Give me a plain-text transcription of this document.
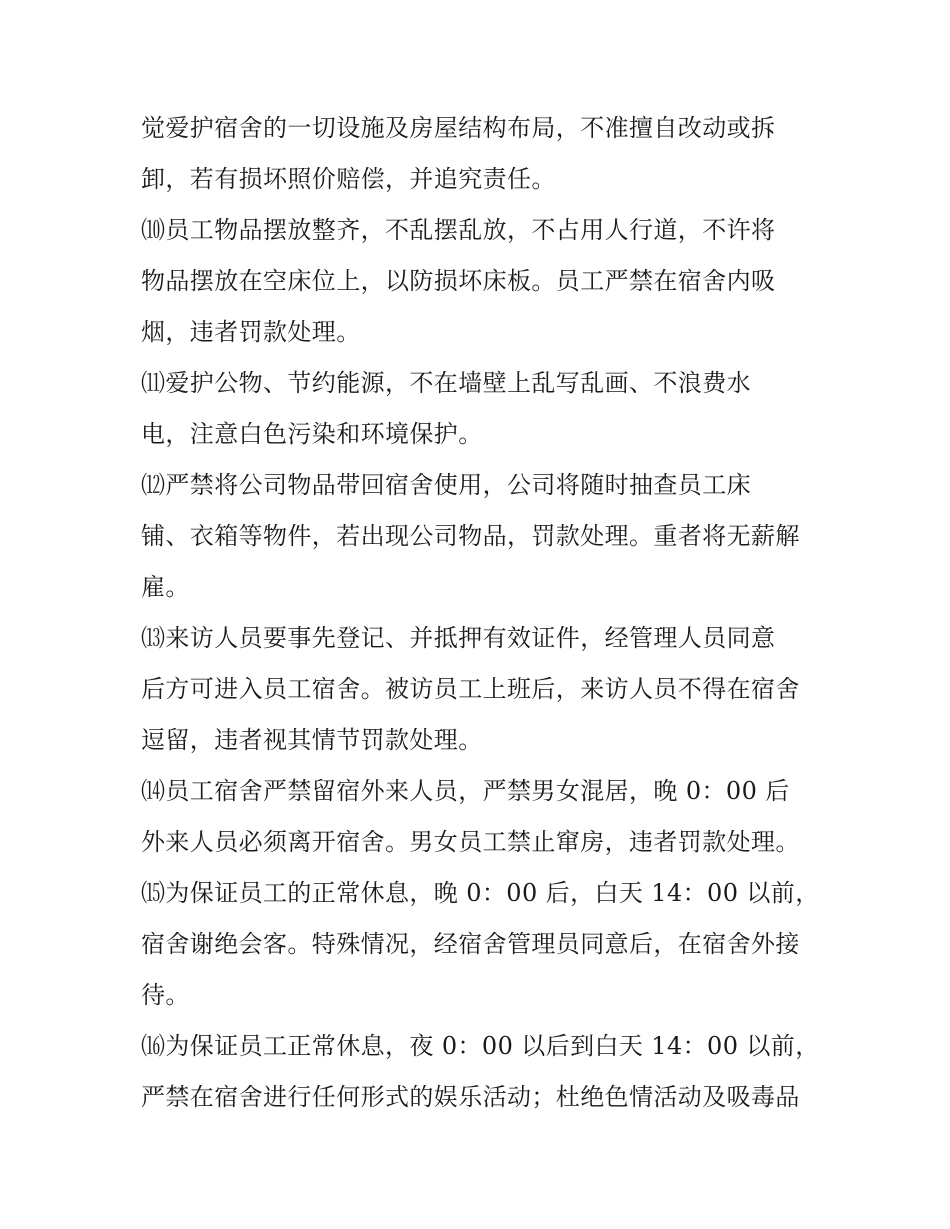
觉爱护宿舍的一切设施及房屋结构布局，不准擅自改动或拆
卸，若有损坏照价赔偿，并追究责任。
⑽员工物品摆放整齐，不乱摆乱放，不占用人行道，不许将
物品摆放在空床位上，以防损坏床板。员工严禁在宿舍内吸
烟，违者罚款处理。
⑾爱护公物、节约能源，不在墙壁上乱写乱画、不浪费水
电，注意白色污染和环境保护。
⑿严禁将公司物品带回宿舍使用，公司将随时抽查员工床
铺、衣箱等物件，若出现公司物品，罚款处理。重者将无薪解
雇。
⒀来访人员要事先登记、并抵押有效证件，经管理人员同意
后方可进入员工宿舍。被访员工上班后，来访人员不得在宿舍
逗留，违者视其情节罚款处理。
⒁员工宿舍严禁留宿外来人员，严禁男女混居，晚 0：00 后
外来人员必须离开宿舍。男女员工禁止窜房，违者罚款处理。
⒂为保证员工的正常休息，晚 0：00 后，白天 14：00 以前，
宿舍谢绝会客。特殊情况，经宿舍管理员同意后，在宿舍外接
待。
⒃为保证员工正常休息，夜 0：00 以后到白天 14：00 以前，
严禁在宿舍进行任何形式的娱乐活动；杜绝色情活动及吸毒品
